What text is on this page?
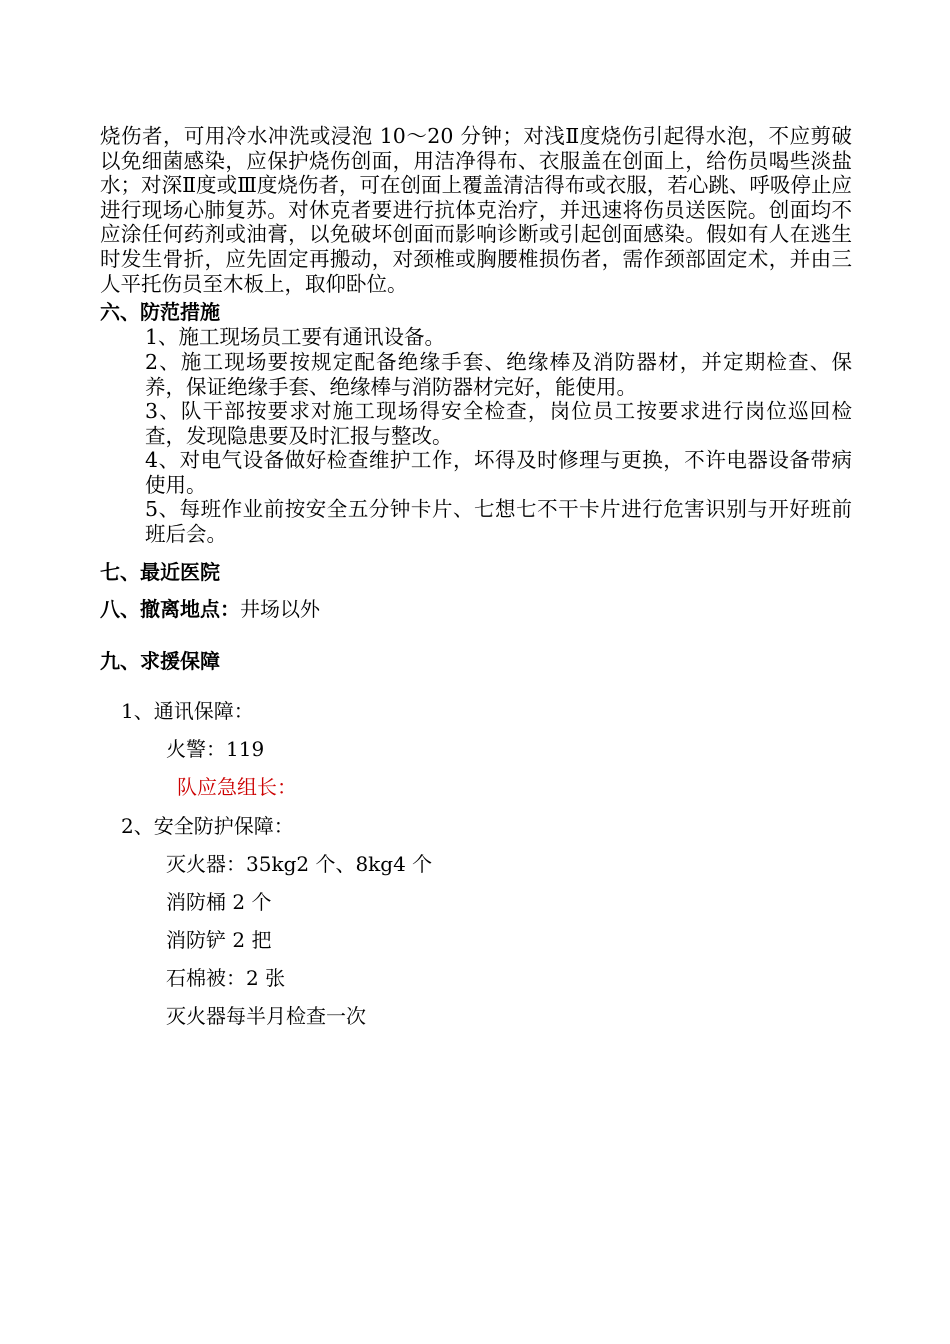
烧伤者，可用冷水冲洗或浸泡 10～20 分钟；对浅Ⅱ度烧伤引起得水泡，不应剪破以免细菌感染，应保护烧伤创面，用洁净得布、衣服盖在创面上，给伤员喝些淡盐水；对深Ⅱ度或Ⅲ度烧伤者，可在创面上覆盖清洁得布或衣服，若心跳、呼吸停止应进行现场心肺复苏。对休克者要进行抗体克治疗，并迅速将伤员送医院。创面均不应涂任何药剂或油膏，以免破坏创面而影响诊断或引起创面感染。假如有人在逃生时发生骨折，应先固定再搬动，对颈椎或胸腰椎损伤者，需作颈部固定术，并由三人平托伤员至木板上，取仰卧位。
六、防范措施
1、施工现场员工要有通讯设备。
2、施工现场要按规定配备绝缘手套、绝缘棒及消防器材，并定期检查、保养，保证绝缘手套、绝缘棒与消防器材完好，能使用。
3、队干部按要求对施工现场得安全检查，岗位员工按要求进行岗位巡回检查，发现隐患要及时汇报与整改。
4、对电气设备做好检查维护工作，坏得及时修理与更换，不许电器设备带病使用。
5、每班作业前按安全五分钟卡片、七想七不干卡片进行危害识别与开好班前班后会。
七、最近医院
八、撤离地点：井场以外
九、求援保障
1、通讯保障：
火警：119
队应急组长：
2、安全防护保障：
灭火器：35kg2 个、8kg4 个
消防桶 2 个
消防铲 2 把
石棉被：2 张
灭火器每半月检查一次
